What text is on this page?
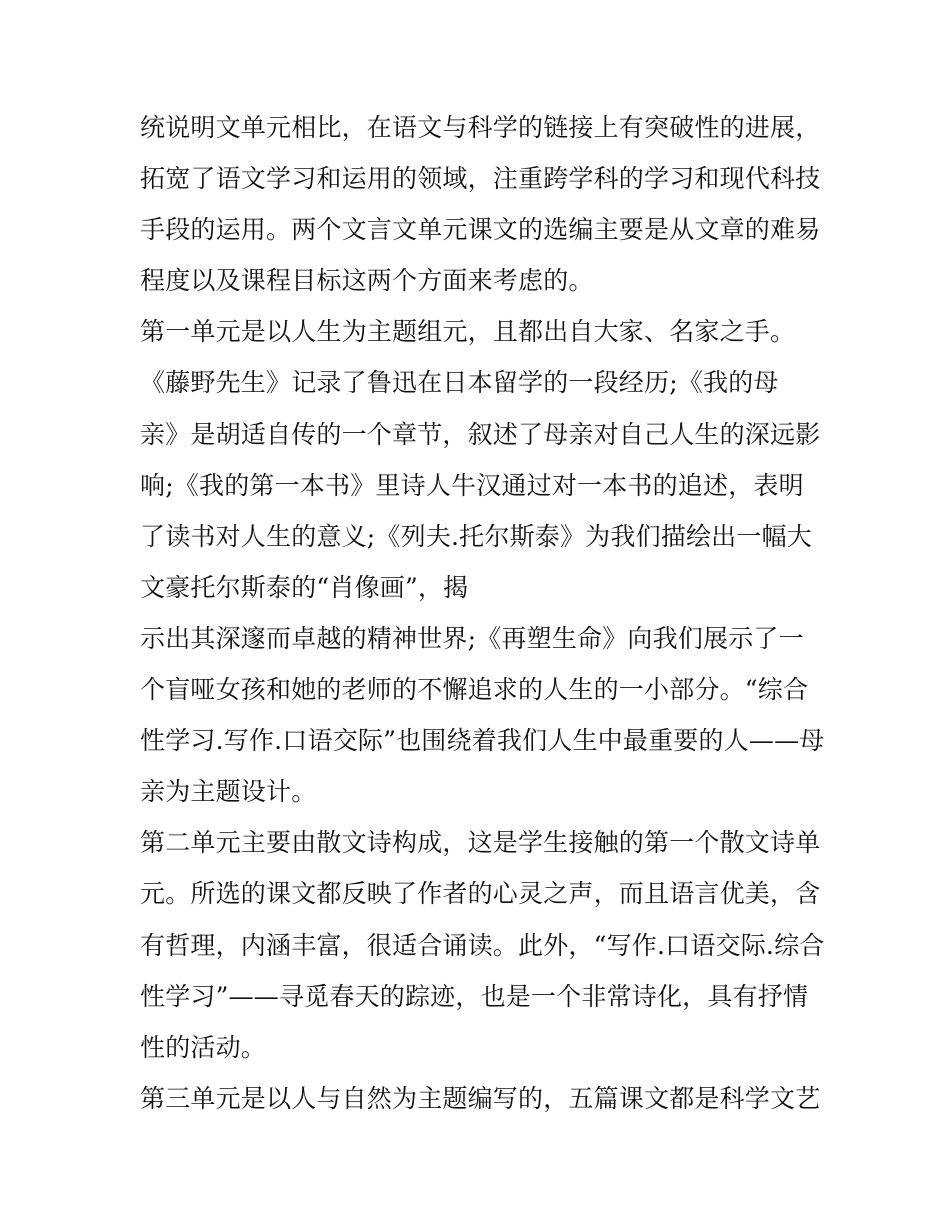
统说明文单元相比，在语文与科学的链接上有突破性的进展，
拓宽了语文学习和运用的领域，注重跨学科的学习和现代科技
手段的运用。两个文言文单元课文的选编主要是从文章的难易
程度以及课程目标这两个方面来考虑的。
第一单元是以人生为主题组元，且都出自大家、名家之手。
《藤野先生》记录了鲁迅在日本留学的一段经历;《我的母
亲》是胡适自传的一个章节，叙述了母亲对自己人生的深远影
响;《我的第一本书》里诗人牛汉通过对一本书的追述，表明
了读书对人生的意义;《列夫.托尔斯泰》为我们描绘出一幅大
文豪托尔斯泰的“肖像画”，揭
示出其深邃而卓越的精神世界;《再塑生命》向我们展示了一
个盲哑女孩和她的老师的不懈追求的人生的一小部分。“综合
性学习.写作.口语交际”也围绕着我们人生中最重要的人——母
亲为主题设计。
第二单元主要由散文诗构成，这是学生接触的第一个散文诗单
元。所选的课文都反映了作者的心灵之声，而且语言优美，含
有哲理，内涵丰富，很适合诵读。此外，“写作.口语交际.综合
性学习”——寻觅春天的踪迹，也是一个非常诗化，具有抒情
性的活动。
第三单元是以人与自然为主题编写的，五篇课文都是科学文艺
